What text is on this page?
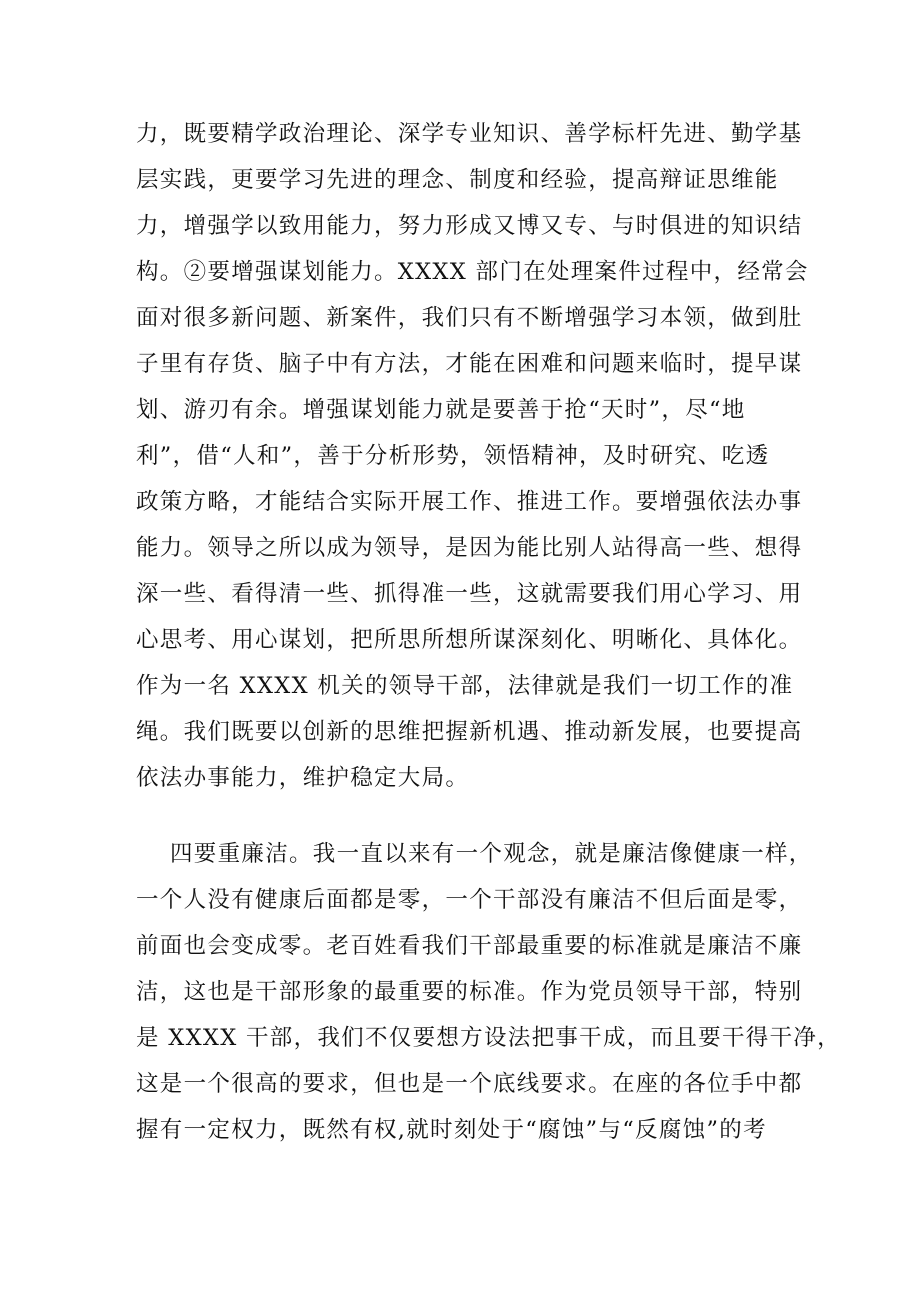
力，既要精学政治理论、深学专业知识、善学标杆先进、勤学基
层实践，更要学习先进的理念、制度和经验，提高辩证思维能
力，增强学以致用能力，努力形成又博又专、与时俱进的知识结
构。②要增强谋划能力。XXXX 部门在处理案件过程中，经常会
面对很多新问题、新案件，我们只有不断增强学习本领，做到肚
子里有存货、脑子中有方法，才能在困难和问题来临时，提早谋
划、游刃有余。增强谋划能力就是要善于抢“天时”，尽“地
利”，借“人和”，善于分析形势，领悟精神，及时研究、吃透
政策方略，才能结合实际开展工作、推进工作。要增强依法办事
能力。领导之所以成为领导，是因为能比别人站得高一些、想得
深一些、看得清一些、抓得准一些，这就需要我们用心学习、用
心思考、用心谋划，把所思所想所谋深刻化、明晰化、具体化。
作为一名 XXXX 机关的领导干部，法律就是我们一切工作的准
绳。我们既要以创新的思维把握新机遇、推动新发展，也要提高
依法办事能力，维护稳定大局。
四要重廉洁。我一直以来有一个观念，就是廉洁像健康一样，
一个人没有健康后面都是零，一个干部没有廉洁不但后面是零，
前面也会变成零。老百姓看我们干部最重要的标准就是廉洁不廉
洁，这也是干部形象的最重要的标准。作为党员领导干部，特别
是 XXXX 干部，我们不仅要想方设法把事干成，而且要干得干净，
这是一个很高的要求，但也是一个底线要求。在座的各位手中都
握有一定权力，既然有权,就时刻处于“腐蚀”与“反腐蚀”的考
